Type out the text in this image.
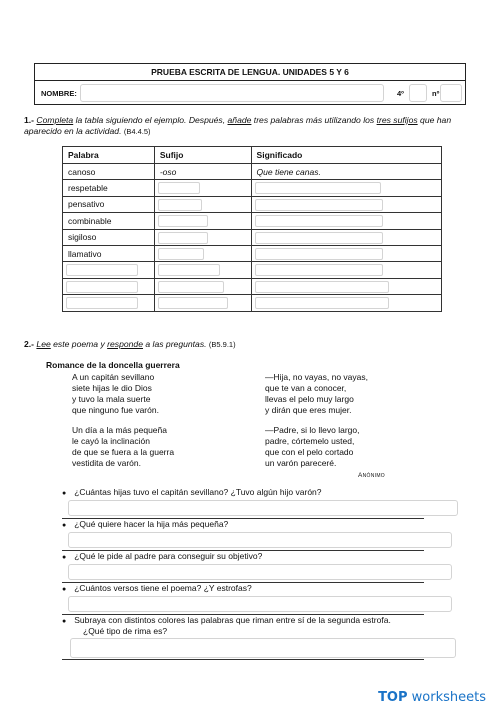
PRUEBA ESCRITA DE LENGUA. UNIDADES 5 Y 6
NOMBRE:	4º	nº
1.- Completa la tabla siguiendo el ejemplo. Después, añade tres palabras más utilizando los tres sufijos que han
aparecido en la actividad. (B4.4.5)
Palabra	Sufijo	Significado
canoso	-oso	Que tiene canas.
respetable	

pensativo	

combinable	

sigiloso	

llamativo	

2.- Lee este poema y responde a las preguntas. (B5.9.1)
Romance de la doncella guerrera
A un capitán sevillano
siete hijas le dio Dios
y tuvo la mala suerte
que ninguno fue varón.
—Hija, no vayas, no vayas,
que te van a conocer,
llevas el pelo muy largo
y dirán que eres mujer.
Un día a la más pequeña
le cayó la inclinación
de que se fuera a la guerra
vestidita de varón.
—Padre, si lo llevo largo,
padre, córtemelo usted,
que con el pelo cortado
un varón pareceré.
Anónimo
● ¿Cuántas hijas tuvo el capitán sevillano? ¿Tuvo algún hijo varón?
● ¿Qué quiere hacer la hija más pequeña?
● ¿Qué le pide al padre para conseguir su objetivo?
● ¿Cuántos versos tiene el poema? ¿Y estrofas?
● Subraya con distintos colores las palabras que riman entre sí de la segunda estrofa.
¿Qué tipo de rima es?
TOP worksheets
